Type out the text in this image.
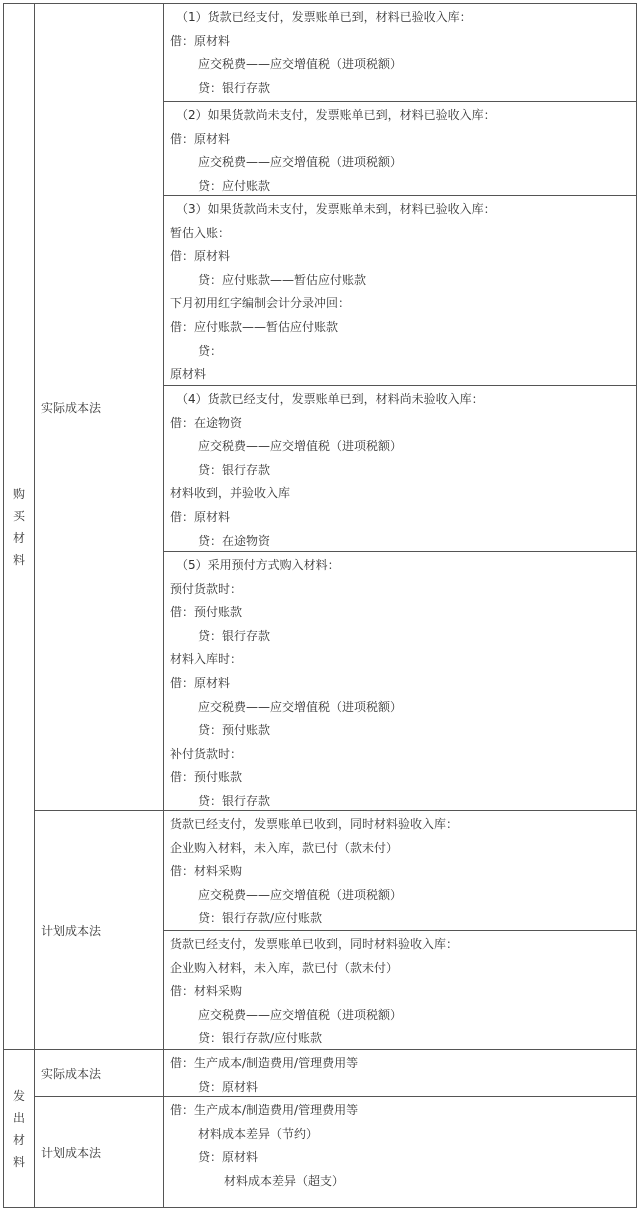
购买材料
发出材料
实际成本法
计划成本法
实际成本法
计划成本法
（1）货款已经支付，发票账单已到，材料已验收入库：
借：原材料
应交税费——应交增值税（进项税额）
贷：银行存款
（2）如果货款尚未支付，发票账单已到，材料已验收入库：
借：原材料
应交税费——应交增值税（进项税额）
贷：应付账款
（3）如果货款尚未支付，发票账单未到，材料已验收入库：
暂估入账：
借：原材料
贷：应付账款——暂估应付账款
下月初用红字编制会计分录冲回：
借：应付账款——暂估应付账款
贷：
原材料
（4）货款已经支付，发票账单已到，材料尚未验收入库：
借：在途物资
应交税费——应交增值税（进项税额）
贷：银行存款
材料收到，并验收入库
借：原材料
贷：在途物资
（5）采用预付方式购入材料：
预付货款时：
借：预付账款
贷：银行存款
材料入库时：
借：原材料
应交税费——应交增值税（进项税额）
贷：预付账款
补付货款时：
借：预付账款
贷：银行存款
货款已经支付，发票账单已收到，同时材料验收入库：
企业购入材料，未入库，款已付（款未付）
借：材料采购
应交税费——应交增值税（进项税额）
贷：银行存款/应付账款
货款已经支付，发票账单已收到，同时材料验收入库：
企业购入材料，未入库，款已付（款未付）
借：材料采购
应交税费——应交增值税（进项税额）
贷：银行存款/应付账款
借：生产成本/制造费用/管理费用等
贷：原材料
借：生产成本/制造费用/管理费用等
材料成本差异（节约）
贷：原材料
材料成本差异（超支）
